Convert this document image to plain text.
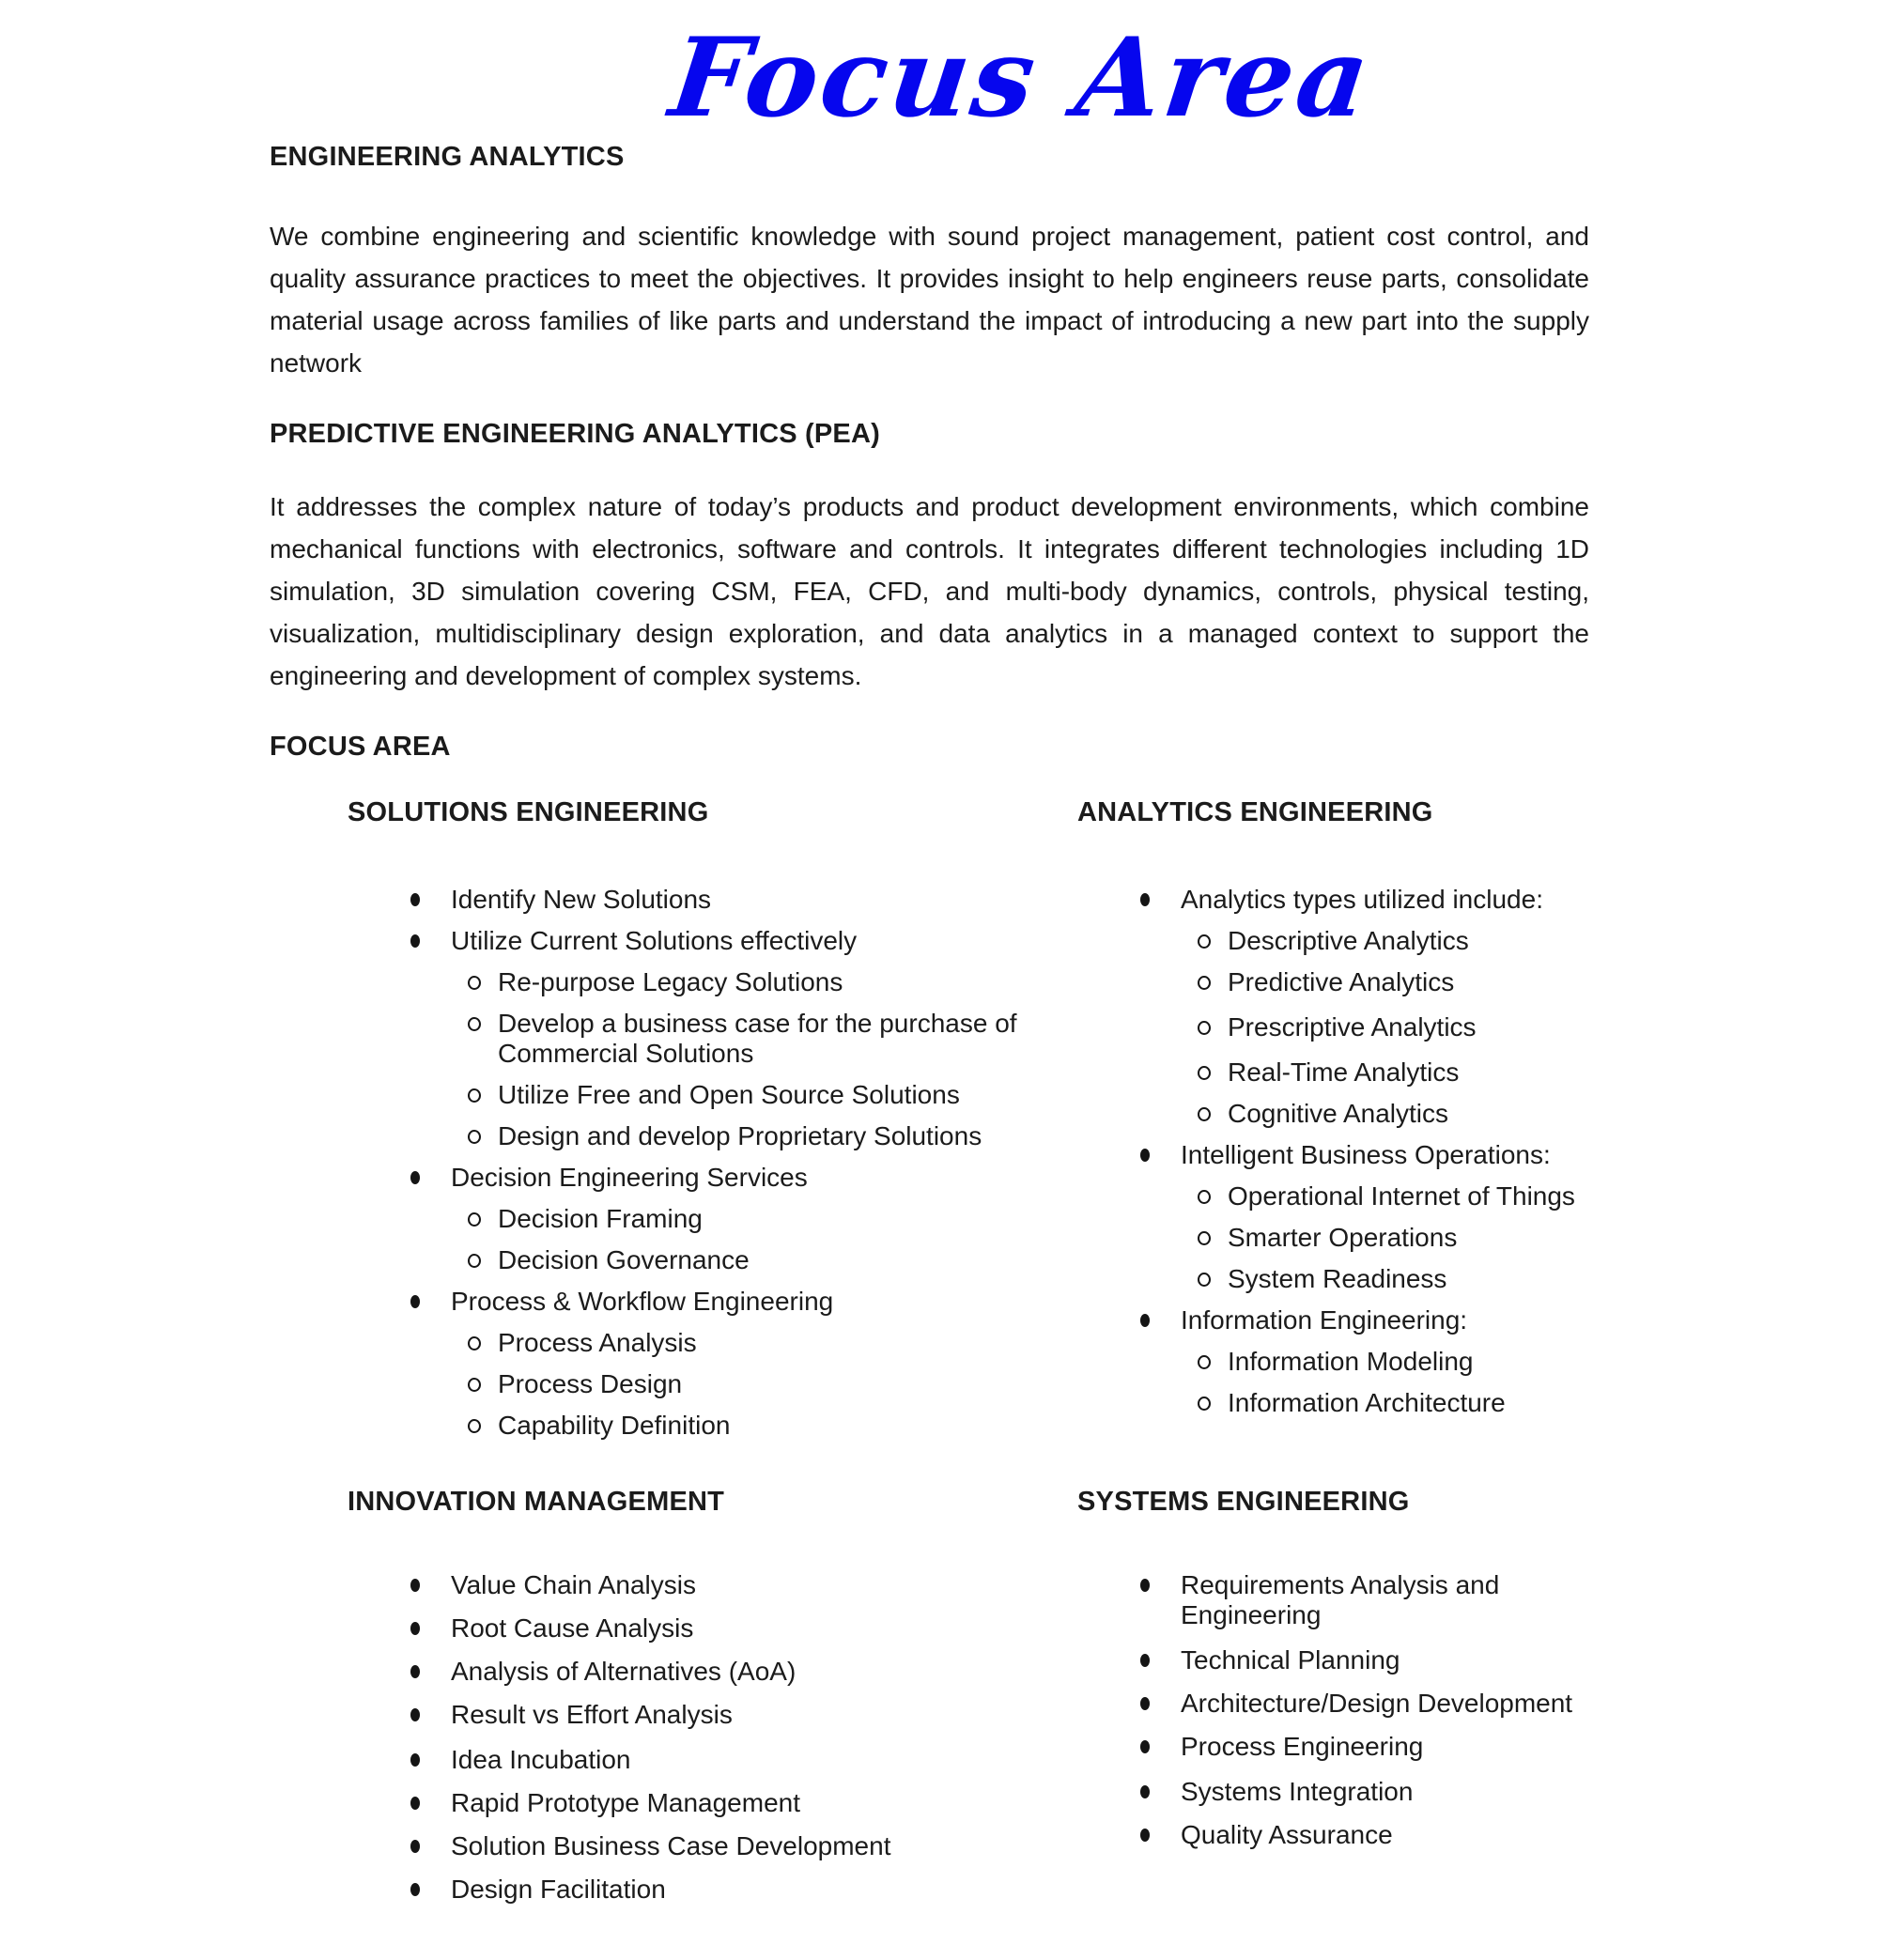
Focus Area
ENGINEERING ANALYTICS

We combine engineering and scientific knowledge with sound project management, patient cost control, and quality assurance practices to meet the objectives. It provides insight to help engineers reuse parts, consolidate material usage across families of like parts and understand the impact of introducing a new part into the supply network

PREDICTIVE ENGINEERING ANALYTICS (PEA)

It addresses the complex nature of today’s products and product development environments, which combine mechanical functions with electronics, software and controls. It integrates different technologies including 1D simulation, 3D simulation covering CSM, FEA, CFD, and multi-body dynamics, controls, physical testing, visualization, multidisciplinary design exploration, and data analytics in a managed context to support the engineering and development of complex systems.

FOCUS AREA
SOLUTIONS ENGINEERING
Identify New Solutions
Utilize Current Solutions effectively
Re-purpose Legacy Solutions
Develop a business case for the purchase of Commercial Solutions
Utilize Free and Open Source Solutions
Design and develop Proprietary Solutions
Decision Engineering Services
Decision Framing
Decision Governance
Process & Workflow Engineering
Process Analysis
Process Design
Capability Definition
ANALYTICS ENGINEERING
Analytics types utilized include:
Descriptive Analytics
Predictive Analytics
Prescriptive Analytics
Real-Time Analytics
Cognitive Analytics
Intelligent Business Operations:
Operational Internet of Things
Smarter Operations
System Readiness
Information Engineering:
Information Modeling
Information Architecture
INNOVATION MANAGEMENT
Value Chain Analysis
Root Cause Analysis
Analysis of Alternatives (AoA)
Result vs Effort Analysis
Idea Incubation
Rapid Prototype Management
Solution Business Case Development
Design Facilitation
SYSTEMS ENGINEERING
Requirements Analysis and Engineering
Technical Planning
Architecture/Design Development
Process Engineering
Systems Integration
Quality Assurance
